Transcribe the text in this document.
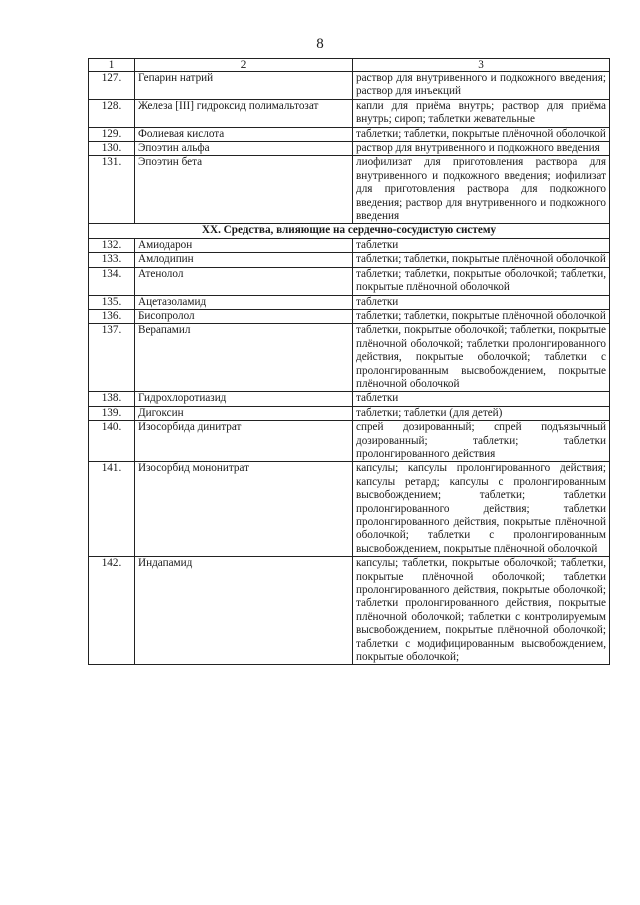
8
1	2	3
127.	Гепарин натрий	раствор для внутривенного и подкожного введения; раствор для инъекций
128.	Железа [III] гидроксид полимальтозат	капли для приёма внутрь; раствор для приёма внутрь; сироп; таблетки жевательные
129.	Фолиевая кислота	таблетки; таблетки, покрытые плёночной оболочкой
130.	Эпоэтин альфа	раствор для внутривенного и подкожного введения
131.	Эпоэтин бета	лиофилизат для приготовления раствора для внутривенного и подкожного введения; иофилизат для приготовления раствора для подкожного введения; раствор для внутривенного и подкожного введения
XX. Средства, влияющие на сердечно-сосудистую систему		
132.	Амиодарон	таблетки
133.	Амлодипин	таблетки; таблетки, покрытые плёночной оболочкой
134.	Атенолол	таблетки; таблетки, покрытые оболочкой; таблетки, покрытые плёночной оболочкой
135.	Ацетазоламид	таблетки
136.	Бисопролол	таблетки; таблетки, покрытые плёночной оболочкой
137.	Верапамил	таблетки, покрытые оболочкой; таблетки, покрытые плёночной оболочкой; таблетки пролонгированного действия, покрытые оболочкой; таблетки с пролонгированным высвобождением, покрытые плёночной оболочкой
138.	Гидрохлоротиазид	таблетки
139.	Дигоксин	таблетки; таблетки (для детей)
140.	Изосорбида динитрат	спрей дозированный; спрей подъязычный дозированный; таблетки; таблетки пролонгированного действия
141.	Изосорбид мононитрат	капсулы; капсулы пролонгированного действия; капсулы ретард; капсулы с пролонгированным высвобождением; таблетки; таблетки пролонгированного действия; таблетки пролонгированного действия, покрытые плёночной оболочкой; таблетки с пролонгированным высвобождением, покрытые плёночной оболочкой
142.	Индапамид	капсулы; таблетки, покрытые оболочкой; таблетки, покрытые плёночной оболочкой; таблетки пролонгированного действия, покрытые оболочкой; таблетки пролонгированного действия, покрытые плёночной оболочкой; таблетки с контролируемым высвобождением, покрытые плёночной оболочкой; таблетки с модифицированным высвобождением, покрытые оболочкой;
